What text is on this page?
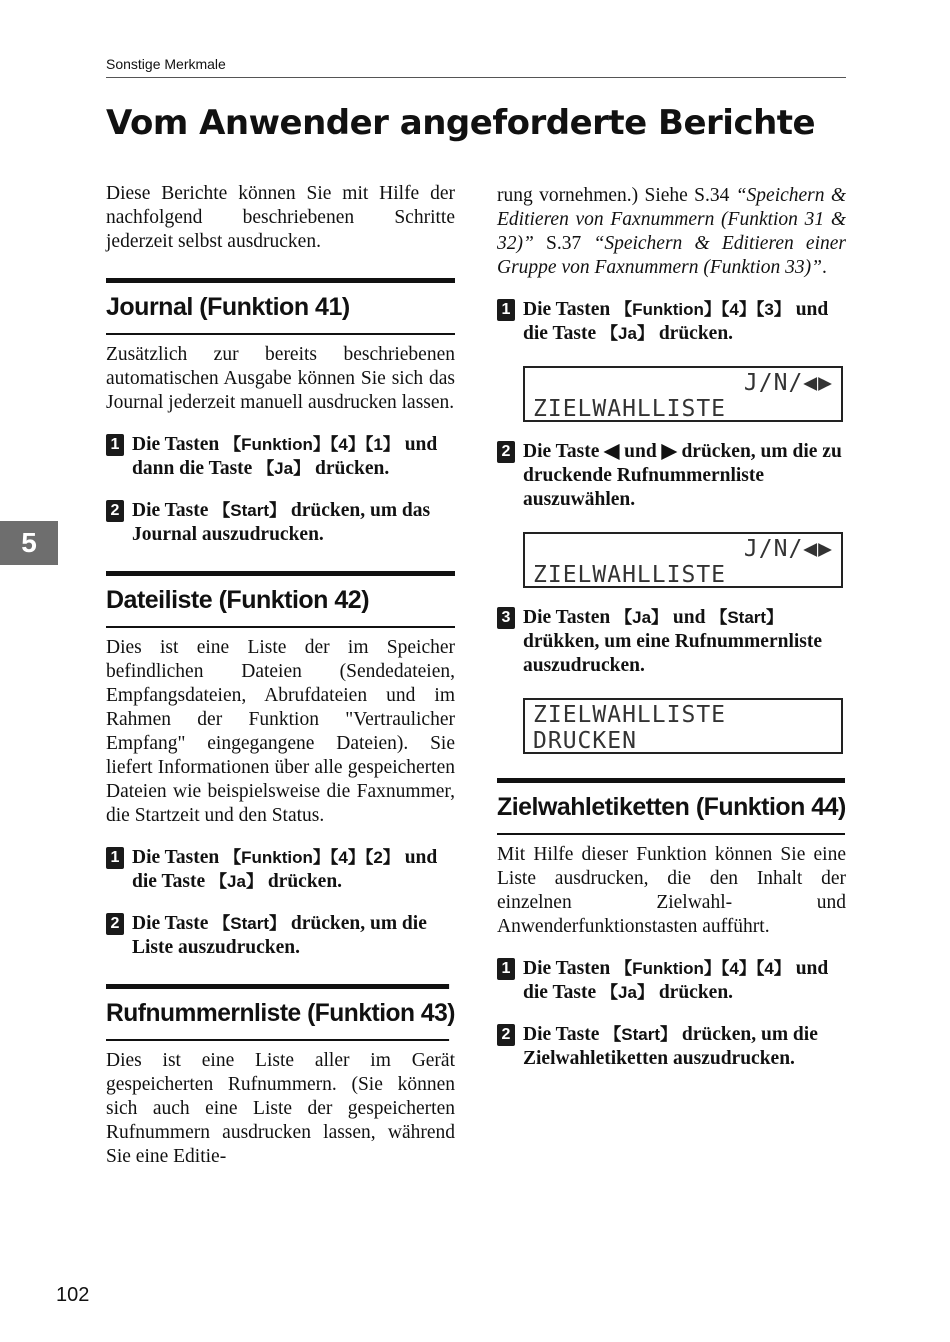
Sonstige Merkmale
Vom Anwender angeforderte Berichte
5

Diese Berichte können Sie mit Hilfe der nachfolgend beschriebenen Schritte jederzeit selbst ausdrucken.

Journal (Funktion 41)

Zusätzlich zur bereits beschriebenen automatischen Ausgabe können Sie sich das Journal jederzeit manuell ausdrucken lassen.

1 Die Tasten 【Funktion】【4】【1】 und dann die Taste 【Ja】 drücken.
2 Die Taste 【Start】 drücken, um das Journal auszudrucken.
Dateiliste (Funktion 42)

Dies ist eine Liste der im Speicher befindlichen Dateien (Sendedateien, Empfangsdateien, Abrufdateien und im Rahmen der Funktion "Vertraulicher Empfang" eingegangene Dateien). Sie liefert Informationen über alle gespeicherten Dateien wie beispielsweise die Faxnummer, die Startzeit und den Status.

1 Die Tasten 【Funktion】【4】【2】 und die Taste 【Ja】 drücken.
2 Die Taste 【Start】 drücken, um die Liste auszudrucken.
Rufnummernliste (Funktion 43)

Dies ist eine Liste aller im Gerät gespeicherten Rufnummern. (Sie können sich auch eine Liste der gespeicherten Rufnummern ausdrucken lassen, während Sie eine Editie-

rung vornehmen.) Siehe S.34 “Speichern & Editieren von Faxnummern (Funktion 31 & 32)” S.37 “Speichern & Editieren einer Gruppe von Faxnummern (Funktion 33)”.

1 Die Tasten 【Funktion】【4】【3】 und die Taste 【Ja】 drücken.
J/N/◀▶
ZIELWAHLLISTE
2 Die Taste ◀ und ▶ drücken, um die zu druckende Rufnummernliste auszuwählen.
J/N/◀▶
ZIELWAHLLISTE
3 Die Tasten 【Ja】 und 【Start】 drükken, um eine Rufnummernliste auszudrucken.
ZIELWAHLLISTE
DRUCKEN
Zielwahletiketten (Funktion 44)

Mit Hilfe dieser Funktion können Sie eine Liste ausdrucken, die den Inhalt der einzelnen Zielwahl- und Anwenderfunktionstasten aufführt.

1 Die Tasten 【Funktion】【4】【4】 und die Taste 【Ja】 drücken.
2 Die Taste 【Start】 drücken, um die Zielwahletiketten auszudrucken.
102
